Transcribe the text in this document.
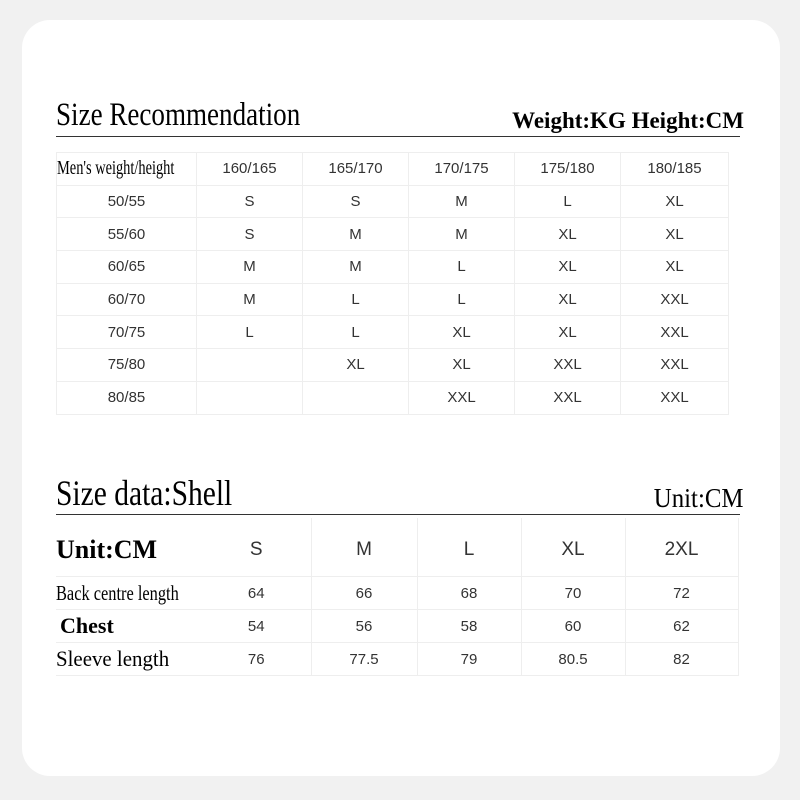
Size Recommendation	Weight:KG Height:CM
Men's weight/height	160/165	165/170	170/175	175/180	180/185
50/55	S	S	M	L	XL
55/60	S	M	M	XL	XL
60/65	M	M	L	XL	XL
60/70	M	L	L	XL	XXL
70/75	L	L	XL	XL	XXL
75/80		XL	XL	XXL	XXL
80/85			XXL	XXL	XXL
Size data:Shell	Unit:CM
Unit:CM	S	M	L	XL	2XL
Back centre length	64	66	68	70	72
Chest	54	56	58	60	62
Sleeve length	76	77.5	79	80.5	82
